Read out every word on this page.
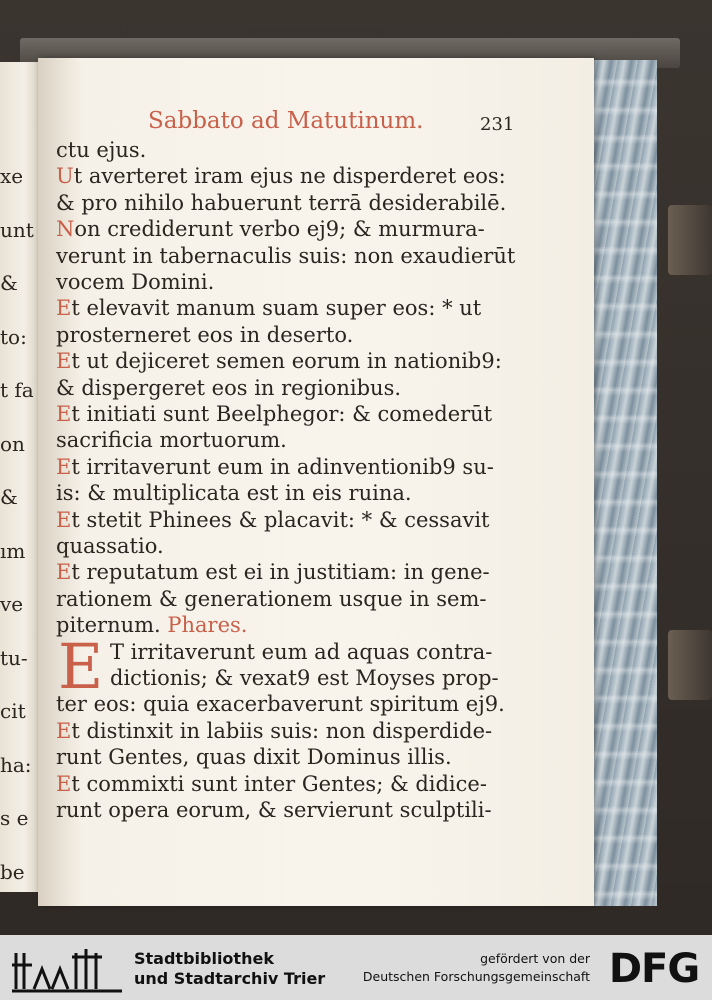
xe
unt
&
to:
t fa
on
&
ım
ve
tu-
cit
ha:
s e
be
Sabbato ad Matutinum.	231
ctu ejus.
Ut averteret iram ejus ne disperderet eos:
& pro nihilo habuerunt terrā desiderabilē.
Non crediderunt verbo ej9; & murmura-
verunt in tabernaculis suis: non exaudierūt
vocem Domini.
Et elevavit manum suam super eos: * ut
prosterneret eos in deserto.
Et ut dejiceret semen eorum in nationib9:
& dispergeret eos in regionibus.
Et initiati sunt Beelphegor: & comederūt
sacrificia mortuorum.
Et irritaverunt eum in adinventionib9 su-
is: & multiplicata est in eis ruina.
Et stetit Phinees & placavit: * & cessavit
quassatio.
Et reputatum est ei in justitiam: in gene-
rationem & generationem usque in sem-
piternum. Phares.
T irritaverunt eum ad aquas contra-
dictionis; & vexat9 est Moyses prop-
ter eos: quia exacerbaverunt spiritum ej9.
Et distinxit in labiis suis: non disperdide-
runt Gentes, quas dixit Dominus illis.
Et commixti sunt inter Gentes; & didice-
runt opera eorum, & servierunt sculptili-
E
Stadtbibliothek
und Stadtarchiv Trier
gefördert von der
Deutschen Forschungsgemeinschaft DFG
